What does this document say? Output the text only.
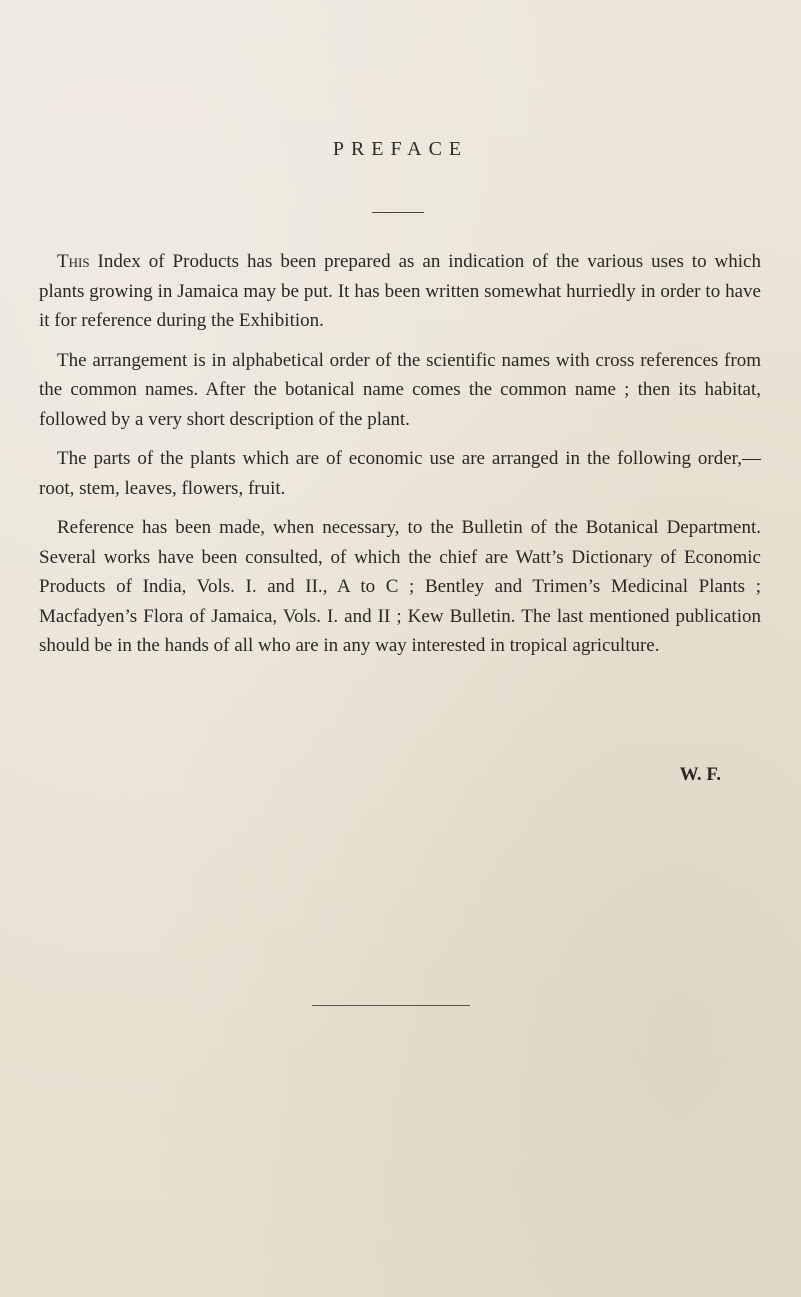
PREFACE

This Index of Products has been prepared as an indication of the various uses to which plants growing in Jamaica may be put. It has been written somewhat hurriedly in order to have it for reference during the Exhibition.

The arrangement is in alphabetical order of the scientific names with cross references from the common names. After the botanical name comes the common name ; then its habitat, followed by a very short description of the plant.

The parts of the plants which are of economic use are arranged in the following order,—root, stem, leaves, flowers, fruit.

Reference has been made, when necessary, to the Bulletin of the Botanical Department. Several works have been consulted, of which the chief are Watt’s Dictionary of Economic Products of India, Vols. I. and II., A to C ; Bentley and Trimen’s Medicinal Plants ; Macfadyen’s Flora of Jamaica, Vols. I. and II ; Kew Bulletin. The last mentioned publication should be in the hands of all who are in any way interested in tropical agriculture.

W. F.
